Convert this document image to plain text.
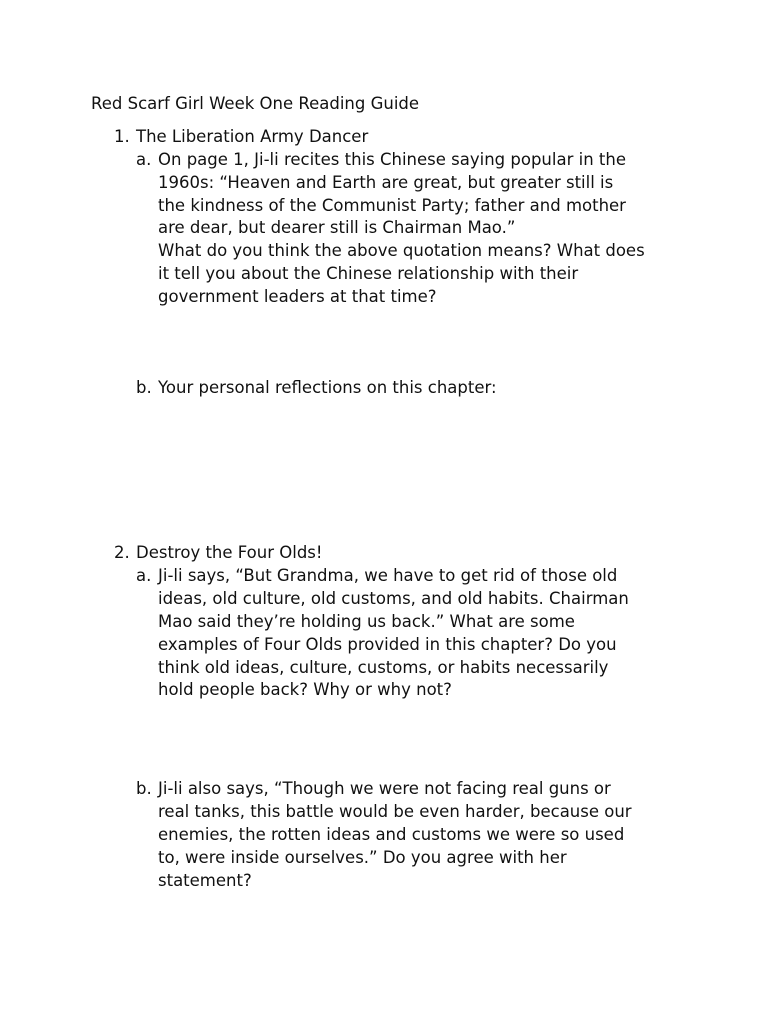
Red Scarf Girl Week One Reading Guide
1. The Liberation Army Dancer
a. On page 1, Ji-li recites this Chinese saying popular in the
1960s: “Heaven and Earth are great, but greater still is
the kindness of the Communist Party; father and mother
are dear, but dearer still is Chairman Mao.”
What do you think the above quotation means? What does
it tell you about the Chinese relationship with their
government leaders at that time?
b. Your personal reflections on this chapter:
2. Destroy the Four Olds!
a. Ji-li says, “But Grandma, we have to get rid of those old
ideas, old culture, old customs, and old habits. Chairman
Mao said they’re holding us back.” What are some
examples of Four Olds provided in this chapter? Do you
think old ideas, culture, customs, or habits necessarily
hold people back? Why or why not?
b. Ji-li also says, “Though we were not facing real guns or
real tanks, this battle would be even harder, because our
enemies, the rotten ideas and customs we were so used
to, were inside ourselves.” Do you agree with her
statement?
